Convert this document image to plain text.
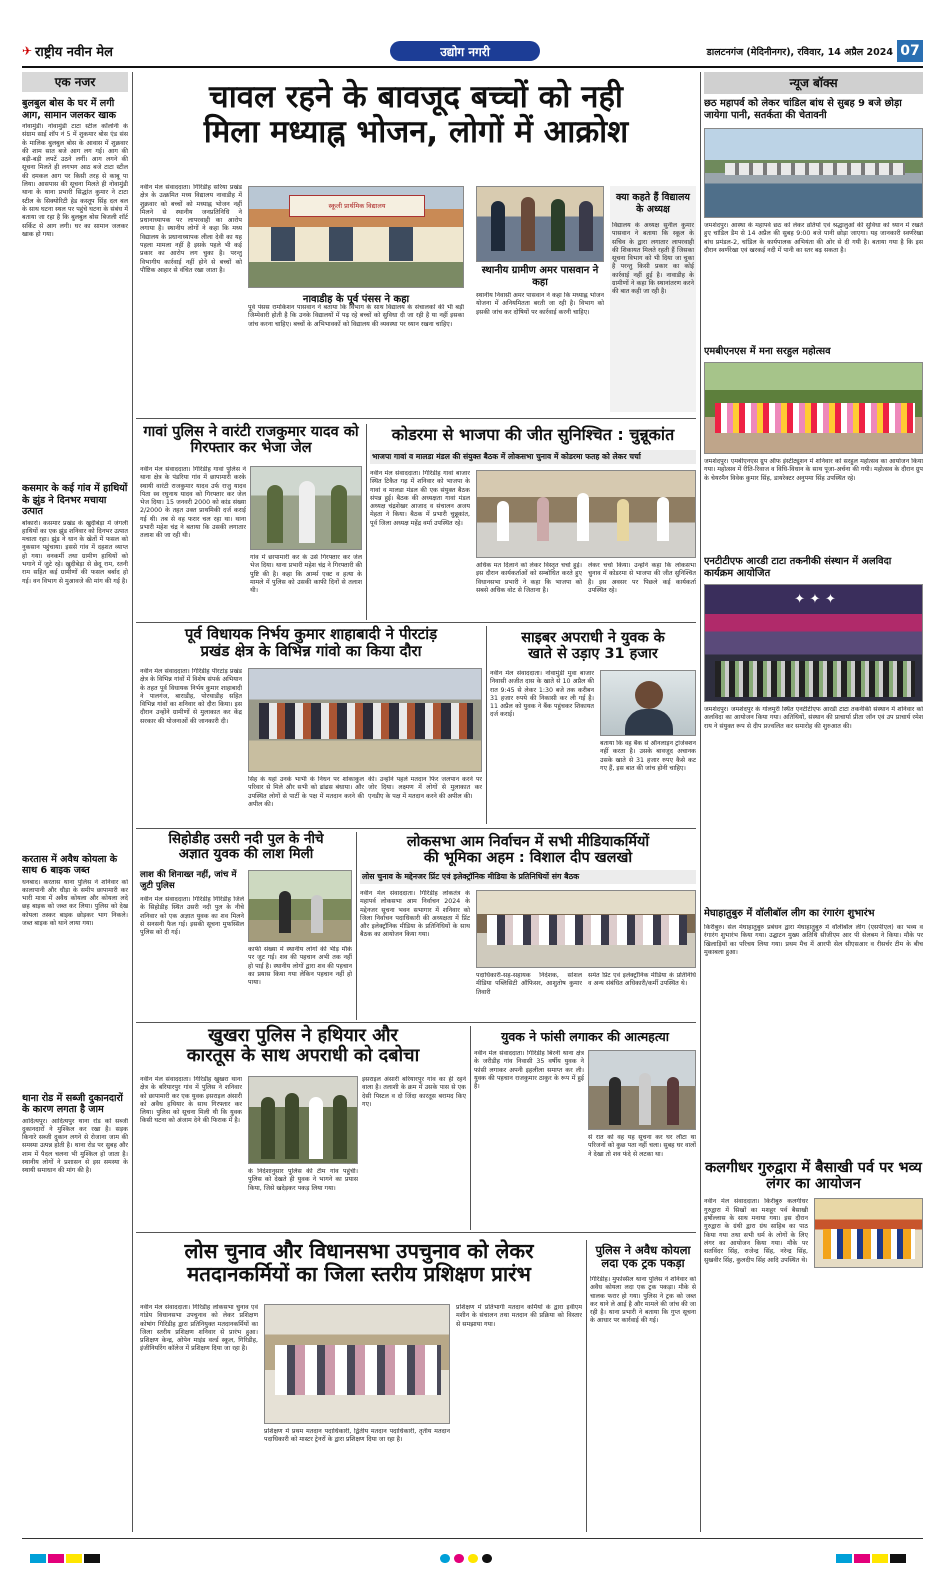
✈ राष्ट्रीय नवीन मेल	उद्योग नगरी	डालटनगंज (मेदिनीनगर), रविवार, 14 अप्रैल 2024 07
एक नजर
बुलबुल बोस के घर में लगी आग, सामान जलकर खाक
नोवामुंडी। नोवामुंडी टाटा स्टील कॉलोनी के संग्राम साई शॉप नं 5 में शुकमार बोस एंड संस के मालिक बुलबुल बोस के आवास में शुक्रवार की शाम सात बजे आग लग गई। आग की बड़ी-बड़ी लपटें उठने लगीं। आग लगने की सूचना मिलते ही लगभग आठ बजे टाटा स्टील की दमकल आग पर किसी तरह से काबू पा लिया। आसपास की सूचना मिलते ही नोवामुंडी थाना के थाना प्रभारी सिद्धांत कुमार ने टाटा स्टील के सिक्योरिटी हेड कस्तूप सिंह दल बल के साथ घटना स्थल पर पहुंचे घटना के संबंध में बताया जा रहा है कि बुलबुल बोस बिजली शॉर्ट सर्किट से आग लगी। घर का सामान जलकर खाक हो गया।
कसमार के कई गांव में हाथियों के झुंड ने दिनभर मचाया उत्पात
बोकारो। कसमार प्रखंड के खुदीबेड़ा में जंगली हाथियों का एक झुंड शनिवार को दिनभर उत्पात मचाता रहा। झुंड ने धान के खेतों में फसल को नुकसान पहुंचाया। इससे गांव में दहशत व्याप्त हो गया। वनकर्मी तथा ग्रामीण हाथियों को भगाने में जुटे रहे। खुदीबेड़ा से छेदू राम, रतनी राम सहित कई ग्रामीणों की फसल बर्बाद हो गई। वन विभाग से मुआवजे की मांग की गई है।
करतास में अवैध कोयला के साथ 6 बाइक जब्त
धनबाद। करतास थाना पुलिस ने शनिवार को कालापानी और धौड़ा के समीप छापामारी कर भारी मात्रा में अवैध कोयला और कोयला लदे छह बाइक को जब्त कर लिया। पुलिस को देख कोयला तस्कर बाइक छोड़कर भाग निकले। जब्त बाइक को थाने लाया गया।
थाना रोड में सब्जी दुकानदारों के कारण लगता है जाम
आदित्यपुर। आदित्यपुर थाना रोड को सब्जी दुकानदारों ने मुश्किल कर रखा है। सड़क किनारे सब्जी दुकान लगने से रोजाना जाम की समस्या उत्पन्न होती है। थाना रोड पर सुबह और शाम में पैदल चलना भी मुश्किल हो जाता है। स्थानीय लोगों ने प्रशासन से इस समस्या के स्थायी समाधान की मांग की है।
चावल रहने के बावजूद बच्चों को नही
मिला मध्याह्न भोजन, लोगों में आक्रोश
नवीन मेल संवाददाता। गिरिडीह सरिया प्रखंड क्षेत्र के उत्क्रमित मध्य विद्यालय नावाडीह में शुक्रवार को बच्चों को मध्याह्न भोजन नहीं मिलने से स्थानीय जनप्रतिनिधि ने प्रधानाध्यापक पर लापरवाही का आरोप लगाया है। स्थानीय लोगों ने कहा कि मध्य विद्यालय के प्रधानाध्यापक लीला देवी का यह पहला मामला नहीं है इसके पहले भी कई प्रकार का आरोप लग चुका है। परन्तु विभागीय कार्रवाई नहीं होने से बच्चों को पौष्टिक आहार से वंचित रखा जाता है।
स्कूली प्रार्थमिक विद्यालय
नावाडीह के पूर्व पंसस ने कहा
पूर्व पंसस रामकिशन पासवान ने बताया कि विभाग के साथ विद्यालय के संचालकों की भी बड़ी जिम्मेवारी होती है कि उनके विद्यालयों में पढ़ रहे बच्चों को सुविधा दी जा रही है या नहीं इसका जांच करना चाहिए। बच्चों के अभिभावकों को विद्यालय की व्यवस्था पर ध्यान रखना चाहिए।
स्थानीय ग्रामीण अमर पासवान ने कहा
स्थानीय निवासी अमर पासवान ने कहा कि मध्याह्न भोजन योजना में अनियमितता बरती जा रही है। विभाग को इसकी जांच कर दोषियों पर कार्रवाई करनी चाहिए।
क्या कहते हैं विद्यालय के अध्यक्ष
विद्यालय के अध्यक्ष सुनील कुमार पासवान ने बताया कि स्कूल के सचिव के द्वारा लगातार लापरवाही की शिकायत मिलते रहती हैं जिसका सूचना विभाग को भी दिया जा चुका है परन्तु किसी प्रकार का कोई कार्रवाई नहीं हुई है। नावाडीह के ग्रामीणों ने कहा कि स्थानांतरण करने की बात कही जा रही है।
गावां पुलिस ने वारंटी राजकुमार यादव को गिरफ्तार कर भेजा जेल
नवीन मेल संवाददाता। गिरिडीह गावां पुलिस ने थाना क्षेत्र के पंडरिया गांव में छापामारी करके स्थायी वारंटी राजकुमार यादव उर्फ राजु यादव पिता स्व रघुनाथ यादव को गिरफ्तार कर जेल भेज दिया। 15 जनवरी 2000 को कांड संख्या 2/2000 के तहत उक्त प्राथमिकी दर्ज कराई गई थी। तब से वह फरार चल रहा था। थाना प्रभारी महेश चंद्र ने बताया कि उसकी लगातार तलाश की जा रही थी।
गांव में छापामारी कर के उसे गिरफ्तार कर जेल भेज दिया। थाना प्रभारी महेश चंद्र ने गिरफ्तारी की पुष्टि की है। कहा कि आर्म्स एक्ट व हत्या के मामले में पुलिस को उसकी काफी दिनों से तलाश थी।
कोडरमा से भाजपा की जीत सुनिश्चित : चुन्नूकांत
भाजपा गावां व मालडा मंडल की संयुक्त बैठक में लोकसभा चुनाव में कोडरमा फतह को लेकर चर्चा
नवीन मेल संवाददाता। गिरिडीह गावां बाजार स्थित टिकैत गढ़ में शनिवार को भाजपा के गावां व मालडा मंडल की एक संयुक्त बैठक संपन्न हुई। बैठक की अध्यक्षता गावां मंडल अध्यक्ष चंद्रशेखर आजाद व संचालन अजय मेहता ने किया। बैठक में प्रभारी चुन्नूकांत, पूर्व जिला अध्यक्ष महेंद्र वर्मा उपस्थित रहे।
अधिक मत दिलाने को लेकर विस्तृत चर्चा हुई। इस दौरान कार्यकर्ताओं को सम्बोधित करते हुए विधानसभा प्रभारी ने कहा कि भाजपा को सबसे अधिक वोट से जिताना है।
लेकर चर्चा किया। उन्होंने कहा कि लोकसभा चुनाव में कोडरमा से भाजपा की जीत सुनिश्चित है। इस अवसर पर पिछले कई कार्यकर्ता उपस्थित रहे।
पूर्व विधायक निर्भय कुमार शाहाबादी ने पीरटांड़
प्रखंड क्षेत्र के विभिन्न गांवो का किया दौरा
नवीन मेल संवाददाता। गिरिडीह पीरटांड़ प्रखंड क्षेत्र के विभिन्न गांवों में विशेष संपर्क अभियान के तहत पूर्व विधायक निर्भय कुमार शाहाबादी ने पालगंज, बाराडीह, पोरथाडीह सहित विभिन्न गांवों का शनिवार को दौरा किया। इस दौरान उन्होंने ग्रामीणों से मुलाकात कर केंद्र सरकार की योजनाओं की जानकारी दी।
सिंह के यहां उनके भाभी के निधन पर शोकाकुल परिवार से मिले और सभी को ढांढस बंधाया। और उपस्थित लोगों से पार्टी के पक्ष में मतदान करने की अपील की।
की। उन्होंने पहले मतदान फिर जलपान करने पर जोर दिया। लक्ष्मण में लोगों से मुलाकात कर एनडीए के पक्ष में मतदान करने की अपील की।
साइबर अपराधी ने युवक के
खाते से उड़ाए 31 हजार
नवीन मेल संवाददाता। नोवामुंडी मुवा बाजार निवासी अजीत दास के खाते से 10 अप्रैल की रात 9:45 से लेकर 1:30 बजे तक करीबन 31 हजार रुपये की निकासी कर ली गई है। 11 अप्रैल को युवक ने बैंक पहुंचकर शिकायत दर्ज कराई।
बताया कि वह बैंक से ऑनलाइन ट्रांजेक्शन नहीं करता है। उसके बावजूद अचानक उसके खाते से 31 हजार रुपए कैसे कट गए हैं, इस बात की जांच होनी चाहिए।
सिहोडीह उसरी नदी पुल के नीचे
अज्ञात युवक की लाश मिली
लाश की शिनाख्त नहीं, जांच में जुटी पुलिस
नवीन मेल संवाददाता। गिरिडीह गिरिडीह जिले के सिहोडीह स्थित उसरी नदी पुल के नीचे शनिवार को एक अज्ञात युवक का शव मिलने से सनसनी फैल गई। इसकी सूचना मुफस्सिल पुलिस को दी गई।
काफी संख्या में स्थानीय लोगों की भीड़ मौके पर जुट गई। शव की पहचान अभी तक नहीं हो पाई है। स्थानीय लोगों द्वारा शव की पहचान का प्रयास किया गया लेकिन पहचान नहीं हो पाया।
लोकसभा आम निर्वाचन में सभी मीडियाकर्मियों
की भूमिका अहम : विशाल दीप खलखो
लोस चुनाव के मद्देनजर प्रिंट एवं इलेक्ट्रॉनिक मीडिया के प्रतिनिधियों संग बैठक
नवीन मेल संवाददाता। गिरिडीह लोकतंत्र के महापर्व लोकसभा आम निर्वाचन 2024 के मद्देनजर सूचना भवन सभागार में शनिवार को जिला निर्वाचन पदाधिकारी की अध्यक्षता में प्रिंट और इलेक्ट्रॉनिक मीडिया के प्रतिनिधियों के साथ बैठक का आयोजन किया गया।
पदाधिकारी-सह-सहायक निदेशक, सोशल मीडिया पब्लिसिटी ऑफिसर, आशुतोष कुमार तिवारी
समेत प्रिंट एवं इलेक्ट्रॉनिक मीडिया के प्रतिनिधि व अन्य संबंधित अधिकारी/कर्मी उपस्थित थे।
खुखरा पुलिस ने हथियार और
कारतूस के साथ अपराधी को दबोचा
नवीन मेल संवाददाता। गिरिडीह खुखरा थाना क्षेत्र के बरियारपुर गांव में पुलिस ने शनिवार को छापामारी कर एक युवक इसराइल अंसारी को अवैध हथियार के साथ गिरफ्तार कर लिया। पुलिस को सूचना मिली थी कि युवक किसी घटना को अंजाम देने की फिराक में है।
के निर्देशानुसार पुलिस की टीम गांव पहुंची। पुलिस को देखते ही युवक ने भागने का प्रयास किया, जिसे खदेड़कर पकड़ लिया गया।
इसराइल अंसारी बरियारपुर गांव का ही रहने वाला है। तलाशी के क्रम में उसके पास से एक देसी पिस्टल व दो जिंदा कारतूस बरामद किए गए।
युवक ने फांसी लगाकर की आत्महत्या
नवीन मेल संवाददाता। गिरिडीह बिरनी थाना क्षेत्र के जरीडीह गांव निवासी 35 वर्षीय युवक ने फांसी लगाकर अपनी इहलीला समाप्त कर ली। युवक की पहचान राजकुमार ठाकुर के रूप में हुई है।
से रात को वह यह सूचना कर घर लौटा था परिजनों को कुछ पता नहीं चला। सुबह घर वालों ने देखा तो शव फंदे से लटका था।
लोस चुनाव और विधानसभा उपचुनाव को लेकर
मतदानकर्मियों का जिला स्तरीय प्रशिक्षण प्रारंभ
नवीन मेल संवाददाता। गिरिडीह लोकसभा चुनाव एवं गांडेय विधानसभा उपचुनाव को लेकर प्रशिक्षण कोषांग गिरिडीह द्वारा प्रतिनियुक्त मतदानकर्मियों का जिला स्तरीय प्रशिक्षण शनिवार से प्रारंभ हुआ। प्रशिक्षण केन्द्र, ओपेन माइंड वर्ल्ड स्कूल, गिरिडीह, इंजीनियरिंग कॉलेज में प्रशिक्षण दिया जा रहा है।
प्रशिक्षण में प्रथम मतदान पदाधिकारी, द्वितीय मतदान पदाधिकारी, तृतीय मतदान पदाधिकारी को मास्टर ट्रेनरों के द्वारा प्रशिक्षण दिया जा रहा है।
प्रशिक्षण में प्रतिभागी मतदान कर्मियों के द्वारा इवीएम मशीन के संचालन तथा मतदान की प्रक्रिया को विस्तार से समझाया गया।
पुलिस ने अवैध कोयला
लदा एक ट्रक पकड़ा
गिरिडीह। मुफस्सिल थाना पुलिस ने शनिवार को अवैध कोयला लदा एक ट्रक पकड़ा। मौके से चालक फरार हो गया। पुलिस ने ट्रक को जब्त कर थाने ले आई है और मामले की जांच की जा रही है। थाना प्रभारी ने बताया कि गुप्त सूचना के आधार पर कार्रवाई की गई।
न्यूज बॉक्स
छठ महापर्व को लेकर चांडिल बांध से सुबह 9 बजे छोड़ा जायेगा पानी, सतर्कता की चेतावनी
जमशेदपुर। आस्था के महापर्व छठ को लेकर व्रतियों एवं श्रद्धालुओं की सुविधा को ध्यान में रखते हुए चांडिल डैम से 14 अप्रैल की सुबह 9:00 बजे पानी छोड़ा जाएगा। यह जानकारी स्वर्णरेखा बांध प्रमंडल-2, चांडिल के कार्यपालक अभियंता की ओर से दी गयी है। बताया गया है कि इस दौरान स्वर्णरेखा एवं खरकई नदी में पानी का स्तर बढ़ सकता है।
एमबीएनएस में मना सरहुल महोत्सव
जमशेदपुर। एमबीएनएस ग्रुप ऑफ इंस्टीट्यूशन में शनिवार को सरहुल महोत्सव का आयोजन किया गया। महोत्सव में रीति-रिवाज व विधि-विधान के साथ पूजा-अर्चना की गयी। महोत्सव के दौरान ग्रुप के चेयरमैन विवेक कुमार सिंह, डायरेक्टर अनुपमा सिंह उपस्थित रहे।
एनटीटीएफ आरडी टाटा तकनीकी संस्थान में अलविदा कार्यक्रम आयोजित
✦ ✦ ✦
जमशेदपुर। जमशेदपुर के गोलमुरी स्थित एनटीटीएफ आरडी टाटा तकनीकी संस्थान में शनिवार को अलविदा का आयोजन किया गया। अतिथियों, संस्थान की प्राचार्या प्रीता जॉन एवं उप प्राचार्य रमेश राय ने संयुक्त रूप से दीप प्रज्वलित कर समारोह की शुरुआत की।
मेघाहातुबुरु में वॉलीबॉल लीग का रंगारंग शुभारंभ
किरीबुरु। सेल मेघाहातुबुरु प्रबंधन द्वारा मेघाहातुबुरु में वॉलीबॉल लीग (एसपीएल) का भव्य व रंगारंग शुभारंभ किया गया। उद्घाटन मुख्य अतिथि सीजीएम आर पी सेलबम ने किया। मौके पर खिलाड़ियों का परिचय लिया गया। प्रथम मैच में आरपी सेल सीएसआर व रीसर्चर टीम के बीच मुकाबला हुआ।
कलगीधर गुरुद्वारा में बैसाखी पर्व पर भव्य लंगर का आयोजन
नवीन मेल संवाददाता। किरीबुरु कलगीधर गुरुद्वारा में सिखों का मशहूर पर्व बैसाखी हर्षोल्लास के साथ मनाया गया। इस दौरान गुरुद्वारा के ग्रंथी द्वारा ग्रंथ साहिब का पाठ किया गया तथा सभी धर्म के लोगों के लिए लंगर का आयोजन किया गया। मौके पर सतविंदर सिंह, राजेन्द्र सिंह, नरेन्द्र सिंह, सुखवीर सिंह, कुलदीप सिंह आदि उपस्थित थे।
